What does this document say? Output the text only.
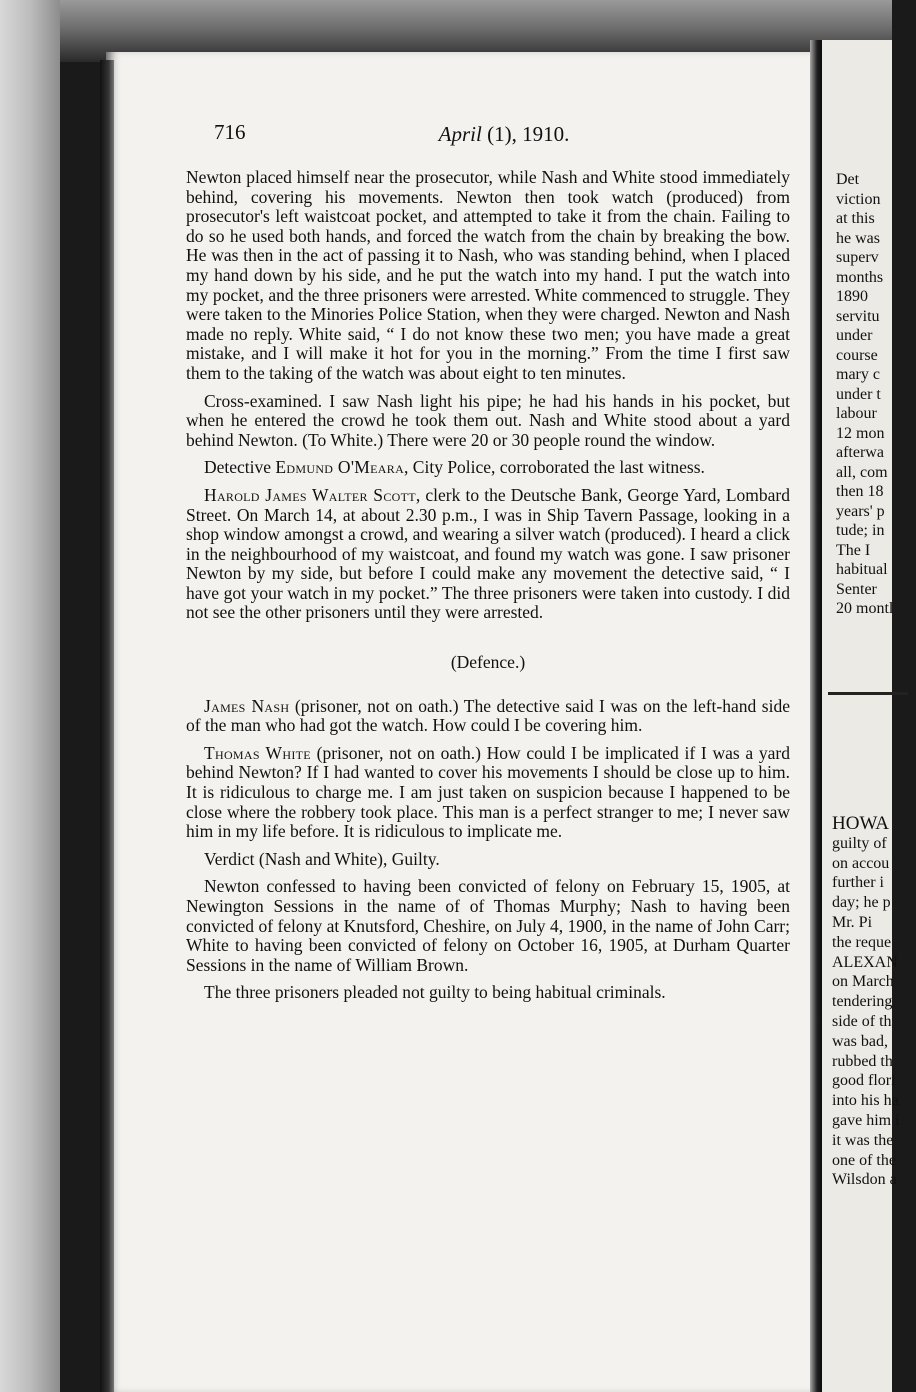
716	April (1), 1910.

Newton placed himself near the prosecutor, while Nash and White stood immediately behind, covering his movements. Newton then took watch (produced) from prosecutor's left waistcoat pocket, and attempted to take it from the chain. Failing to do so he used both hands, and forced the watch from the chain by breaking the bow. He was then in the act of passing it to Nash, who was standing behind, when I placed my hand down by his side, and he put the watch into my hand. I put the watch into my pocket, and the three prisoners were arrested. White commenced to struggle. They were taken to the Minories Police Station, when they were charged. Newton and Nash made no reply. White said, “ I do not know these two men; you have made a great mistake, and I will make it hot for you in the morning.” From the time I first saw them to the taking of the watch was about eight to ten minutes.

Cross-examined. I saw Nash light his pipe; he had his hands in his pocket, but when he entered the crowd he took them out. Nash and White stood about a yard behind Newton. (To White.) There were 20 or 30 people round the window.

Detective Edmund O'Meara, City Police, corroborated the last witness.

Harold James Walter Scott, clerk to the Deutsche Bank, George Yard, Lombard Street. On March 14, at about 2.30 p.m., I was in Ship Tavern Passage, looking in a shop window amongst a crowd, and wearing a silver watch (produced). I heard a click in the neighbourhood of my waistcoat, and found my watch was gone. I saw prisoner Newton by my side, but before I could make any movement the detective said, “ I have got your watch in my pocket.” The three prisoners were taken into custody. I did not see the other prisoners until they were arrested.

(Defence.)

James Nash (prisoner, not on oath.) The detective said I was on the left-hand side of the man who had got the watch. How could I be covering him.

Thomas White (prisoner, not on oath.) How could I be implicated if I was a yard behind Newton? If I had wanted to cover his movements I should be close up to him. It is ridiculous to charge me. I am just taken on suspicion because I happened to be close where the robbery took place. This man is a perfect stranger to me; I never saw him in my life before. It is ridiculous to implicate me.

Verdict (Nash and White), Guilty.

Newton confessed to having been convicted of felony on February 15, 1905, at Newington Sessions in the name of of Thomas Murphy; Nash to having been convicted of felony at Knutsford, Cheshire, on July 4, 1900, in the name of John Carr; White to having been convicted of felony on October 16, 1905, at Durham Quarter Sessions in the name of William Brown.

The three prisoners pleaded not guilty to being habitual criminals.

Det
viction
at this
he was
superv
months
1890
servitu
under
course
mary c
under t
labour
12 mon
afterwa
all, com
then 18
years' p
tude; in
The I
habitual
Senter
20 montl
HOWA
guilty of
on accou
further i
day; he p
Mr. Pi
the reque
ALEXAN
on March
tendering
side of th
was bad,
rubbed th
good flori
into his ha
gave him i
it was the
one of the
Wilsdon a
